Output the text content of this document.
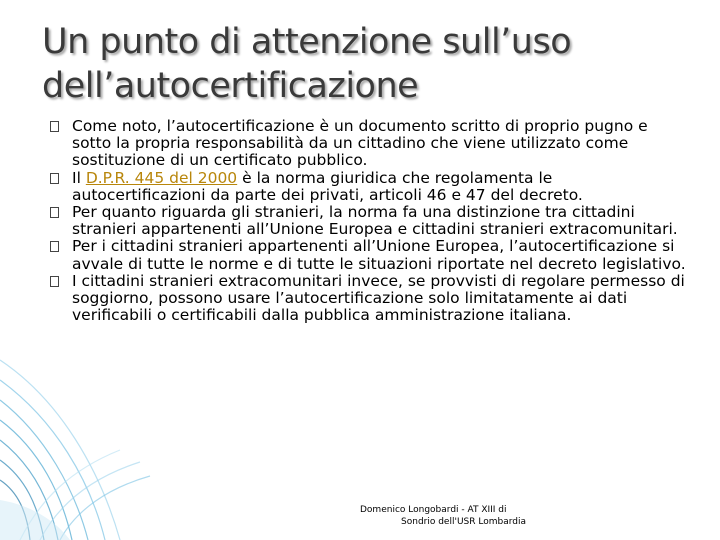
Un punto di attenzione sull’uso
dell’autocertificazione
Come noto, l’autocertificazione è un documento scritto di proprio pugno e sotto la propria responsabilità da un cittadino che viene utilizzato come sostituzione di un certificato pubblico.
Il D.P.R. 445 del 2000 è la norma giuridica che regolamenta le autocertificazioni da parte dei privati, articoli 46 e 47 del decreto.
Per quanto riguarda gli stranieri, la norma fa una distinzione tra cittadini stranieri appartenenti all’Unione Europea e cittadini stranieri extracomunitari.
Per i cittadini stranieri appartenenti all’Unione Europea, l’autocertificazione si avvale di tutte le norme e di tutte le situazioni riportate nel decreto legislativo.
I cittadini stranieri extracomunitari invece, se provvisti di regolare permesso di soggiorno, possono usare l’autocertificazione solo limitatamente ai dati verificabili o certificabili dalla pubblica amministrazione italiana.
Domenico Longobardi - AT XIII di
Sondrio dell'USR Lombardia
